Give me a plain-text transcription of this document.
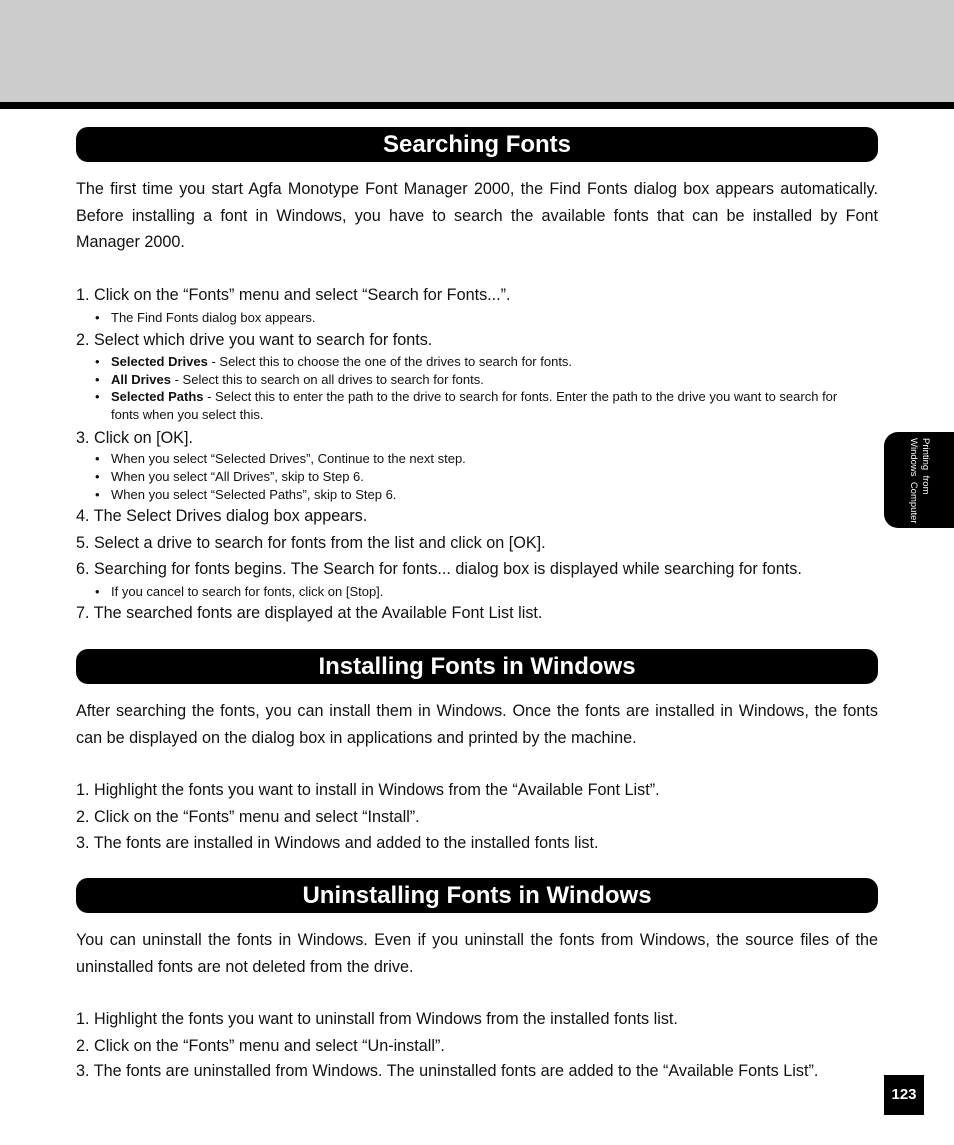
Searching Fonts

The first time you start Agfa Monotype Font Manager 2000, the Find Fonts dialog box appears automatically. Before installing a font in Windows, you have to search the available fonts that can be installed by Font Manager 2000.

1. Click on the “Fonts” menu and select “Search for Fonts...”.

• The Find Fonts dialog box appears.

2. Select which drive you want to search for fonts.

• Selected Drives - Select this to choose the one of the drives to search for fonts.
• All Drives - Select this to search on all drives to search for fonts.
• Selected Paths - Select this to enter the path to the drive to search for fonts. Enter the path to the drive you want to search for fonts when you select this.

3. Click on [OK].

• When you select “Selected Drives”, Continue to the next step.
• When you select “All Drives”, skip to Step 6.
• When you select “Selected Paths”, skip to Step 6.

4. The Select Drives dialog box appears.

5. Select a drive to search for fonts from the list and click on [OK].

6. Searching for fonts begins. The Search for fonts... dialog box is displayed while searching for fonts.

• If you cancel to search for fonts, click on [Stop].

7. The searched fonts are displayed at the Available Font List list.

Installing Fonts in Windows

After searching the fonts, you can install them in Windows. Once the fonts are installed in Windows, the fonts can be displayed on the dialog box in applications and printed by the machine.

1. Highlight the fonts you want to install in Windows from the “Available Font List”.

2. Click on the “Fonts” menu and select “Install”.

3. The fonts are installed in Windows and added to the installed fonts list.

Uninstalling Fonts in Windows

You can uninstall the fonts in Windows. Even if you uninstall the fonts from Windows, the source files of the uninstalled fonts are not deleted from the drive.

1. Highlight the fonts you want to uninstall from Windows from the installed fonts list.

2. Click on the “Fonts” menu and select “Un-install”.

3. The fonts are uninstalled from Windows. The uninstalled fonts are added to the “Available Fonts List”.

Printing  from
Windows  Computer
123
